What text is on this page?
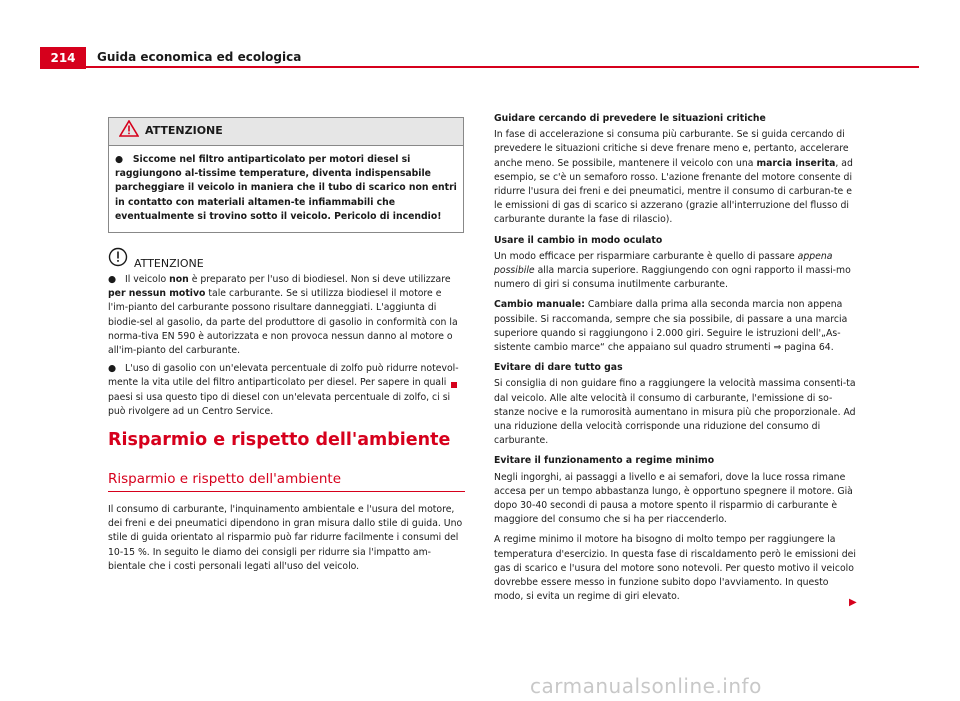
214	Guida economica ed ecologica
ATTENZIONE
●   Siccome nel filtro antiparticolato per motori diesel si raggiungono al-tissime temperature, diventa indispensabile parcheggiare il veicolo in maniera che il tubo di scarico non entri in contatto con materiali altamen-te infiammabili che eventualmente si trovino sotto il veicolo. Pericolo di incendio!
ATTENZIONE

●   Il veicolo non è preparato per l'uso di biodiesel. Non si deve utilizzare per nessun motivo tale carburante. Se si utilizza biodiesel il motore e l'im-pianto del carburante possono risultare danneggiati. L'aggiunta di biodie-sel al gasolio, da parte del produttore di gasolio in conformità con la norma-tiva EN 590 è autorizzata e non provoca nessun danno al motore o all'im-pianto del carburante.

●   L'uso di gasolio con un'elevata percentuale di zolfo può ridurre notevol-mente la vita utile del filtro antiparticolato per diesel. Per sapere in quali paesi si usa questo tipo di diesel con un'elevata percentuale di zolfo, ci si può rivolgere ad un Centro Service.

Risparmio e rispetto dell'ambiente
Risparmio e rispetto dell'ambiente
Il consumo di carburante, l'inquinamento ambientale e l'usura del motore, dei freni e dei pneumatici dipendono in gran misura dallo stile di guida. Uno stile di guida orientato al risparmio può far ridurre facilmente i consumi del 10-15 %. In seguito le diamo dei consigli per ridurre sia l'impatto am-bientale che i costi personali legati all'uso del veicolo.

Guidare cercando di prevedere le situazioni critiche

In fase di accelerazione si consuma più carburante. Se si guida cercando di prevedere le situazioni critiche si deve frenare meno e, pertanto, accelerare anche meno. Se possibile, mantenere il veicolo con una marcia inserita, ad esempio, se c'è un semaforo rosso. L'azione frenante del motore consente di ridurre l'usura dei freni e dei pneumatici, mentre il consumo di carburan-te e le emissioni di gas di scarico si azzerano (grazie all'interruzione del flusso di carburante durante la fase di rilascio).

Usare il cambio in modo oculato

Un modo efficace per risparmiare carburante è quello di passare appena possibile alla marcia superiore. Raggiungendo con ogni rapporto il massi-mo numero di giri si consuma inutilmente carburante.

Cambio manuale: Cambiare dalla prima alla seconda marcia non appena possibile. Si raccomanda, sempre che sia possibile, di passare a una marcia superiore quando si raggiungono i 2.000 giri. Seguire le istruzioni dell'„As-sistente cambio marce“ che appaiano sul quadro strumenti ⇒ pagina 64.

Evitare di dare tutto gas

Si consiglia di non guidare fino a raggiungere la velocità massima consenti-ta dal veicolo. Alle alte velocità il consumo di carburante, l'emissione di so-stanze nocive e la rumorosità aumentano in misura più che proporzionale. Ad una riduzione della velocità corrisponde una riduzione del consumo di carburante.

Evitare il funzionamento a regime minimo

Negli ingorghi, ai passaggi a livello e ai semafori, dove la luce rossa rimane accesa per un tempo abbastanza lungo, è opportuno spegnere il motore. Già dopo 30-40 secondi di pausa a motore spento il risparmio di carburante è maggiore del consumo che si ha per riaccenderlo.

A regime minimo il motore ha bisogno di molto tempo per raggiungere la temperatura d'esercizio. In questa fase di riscaldamento però le emissioni dei gas di scarico e l'usura del motore sono notevoli. Per questo motivo il veicolo dovrebbe essere messo in funzione subito dopo l'avviamento. In questo modo, si evita un regime di giri elevato.

▶
carmanualsonline.info
